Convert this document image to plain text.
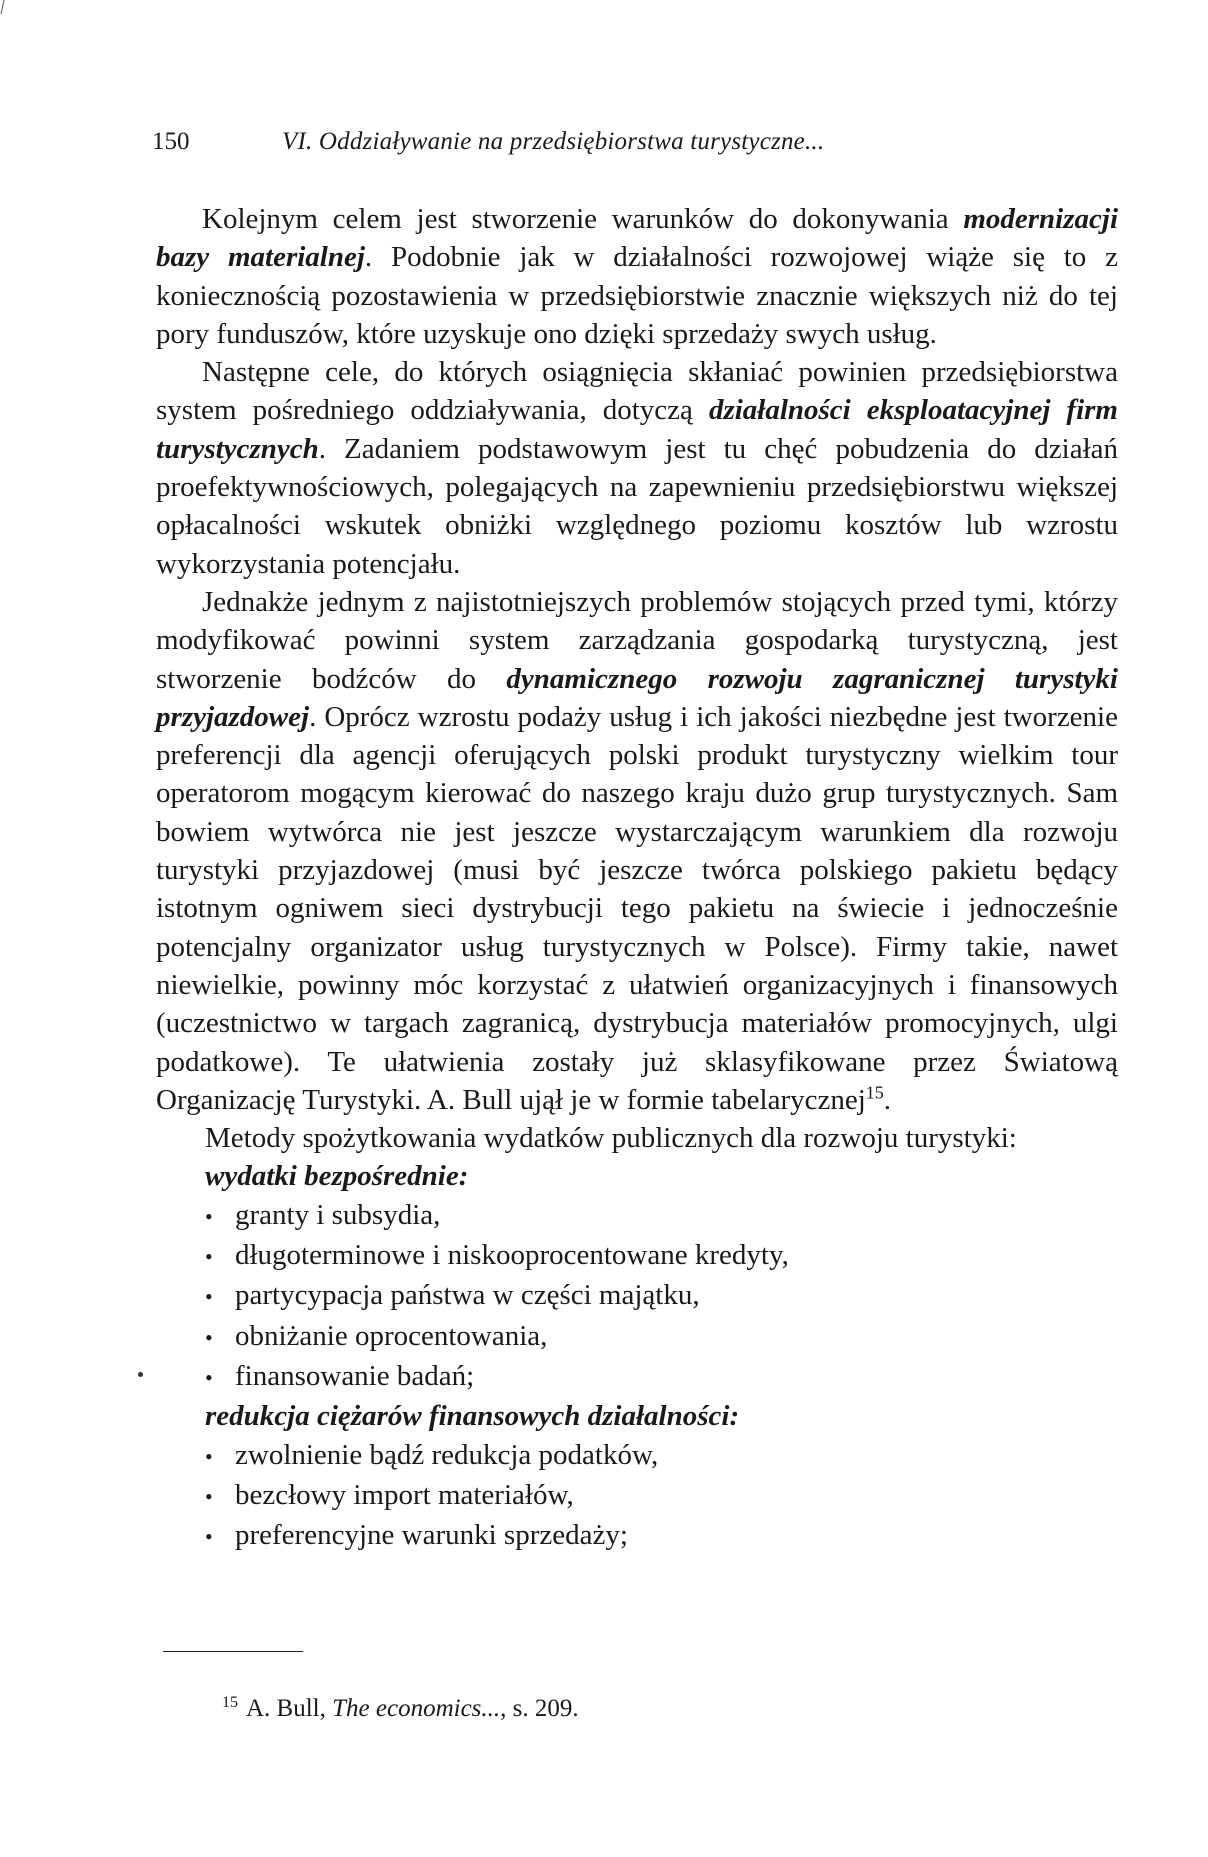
150	VI. Oddziaływanie na przedsiębiorstwa turystyczne...

Kolejnym celem jest stworzenie warunków do dokonywania modernizacji bazy materialnej. Podobnie jak w działalności rozwojowej wiąże się to z koniecznością pozostawienia w przedsiębiorstwie znacznie większych niż do tej pory funduszów, które uzyskuje ono dzięki sprzedaży swych usług.

Następne cele, do których osiągnięcia skłaniać powinien przedsiębiorstwa system pośredniego oddziaływania, dotyczą działalności eksploatacyjnej firm turystycznych. Zadaniem podstawowym jest tu chęć pobudzenia do działań proefektywnościowych, polegających na zapewnieniu przedsiębiorstwu większej opłacalności wskutek obniżki względnego poziomu kosztów lub wzrostu wykorzystania potencjału.

Jednakże jednym z najistotniejszych problemów stojących przed tymi, którzy modyfikować powinni system zarządzania gospodarką turystyczną, jest stworzenie bodźców do dynamicznego rozwoju zagranicznej turystyki przyjazdowej. Oprócz wzrostu podaży usług i ich jakości niezbędne jest tworzenie preferencji dla agencji oferujących polski produkt turystyczny wielkim tour operatorom mogącym kierować do naszego kraju dużo grup turystycznych. Sam bowiem wytwórca nie jest jeszcze wystarczającym warunkiem dla rozwoju turystyki przyjazdowej (musi być jeszcze twórca polskiego pakietu będący istotnym ogniwem sieci dystrybucji tego pakietu na świecie i jednocześnie potencjalny organizator usług turystycznych w Polsce). Firmy takie, nawet niewielkie, powinny móc korzystać z ułatwień organizacyjnych i finansowych (uczestnictwo w targach zagranicą, dystrybucja materiałów promocyjnych, ulgi podatkowe). Te ułatwienia zostały już sklasyfikowane przez Światową Organizację Turystyki. A. Bull ujął je w formie tabelarycznej$^{15}$.

Metody spożytkowania wydatków publicznych dla rozwoju turystyki:
wydatki bezpośrednie:
• granty i subsydia,
• długoterminowe i niskooprocentowane kredyty,
• partycypacja państwa w części majątku,
• obniżanie oprocentowania,
• finansowanie badań;
redukcja ciężarów finansowych działalności:
• zwolnienie bądź redukcja podatków,
• bezcłowy import materiałów,
• preferencyjne warunki sprzedaży;
$^{15}$ A. Bull, The economics..., s. 209.
